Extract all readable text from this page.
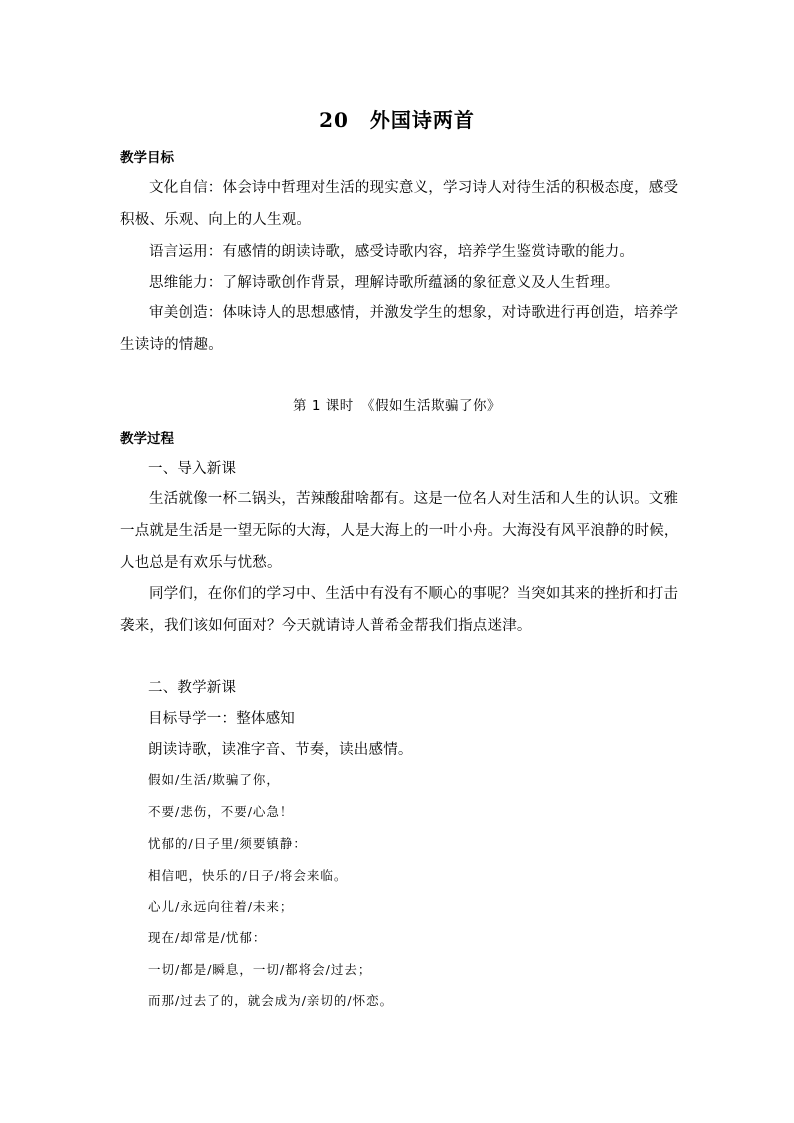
20　外国诗两首
教学目标
文化自信：体会诗中哲理对生活的现实意义，学习诗人对待生活的积极态度，感受积极、乐观、向上的人生观。
语言运用：有感情的朗读诗歌，感受诗歌内容，培养学生鉴赏诗歌的能力。
思维能力：了解诗歌创作背景，理解诗歌所蕴涵的象征意义及人生哲理。
审美创造：体味诗人的思想感情，并激发学生的想象，对诗歌进行再创造，培养学生读诗的情趣。
第 1 课时　《假如生活欺骗了你》
教学过程
一、导入新课
生活就像一杯二锅头，苦辣酸甜啥都有。这是一位名人对生活和人生的认识。文雅一点就是生活是一望无际的大海，人是大海上的一叶小舟。大海没有风平浪静的时候，人也总是有欢乐与忧愁。
同学们，在你们的学习中、生活中有没有不顺心的事呢？当突如其来的挫折和打击袭来，我们该如何面对？今天就请诗人普希金帮我们指点迷津。
二、教学新课
目标导学一：整体感知
朗读诗歌，读准字音、节奏，读出感情。
假如/生活/欺骗了你，
不要/悲伤，不要/心急！
忧郁的/日子里/须要镇静：
相信吧，快乐的/日子/将会来临。
心儿/永远向往着/未来；
现在/却常是/忧郁：
一切/都是/瞬息，一切/都将会/过去；
而那/过去了的，就会成为/亲切的/怀恋。
